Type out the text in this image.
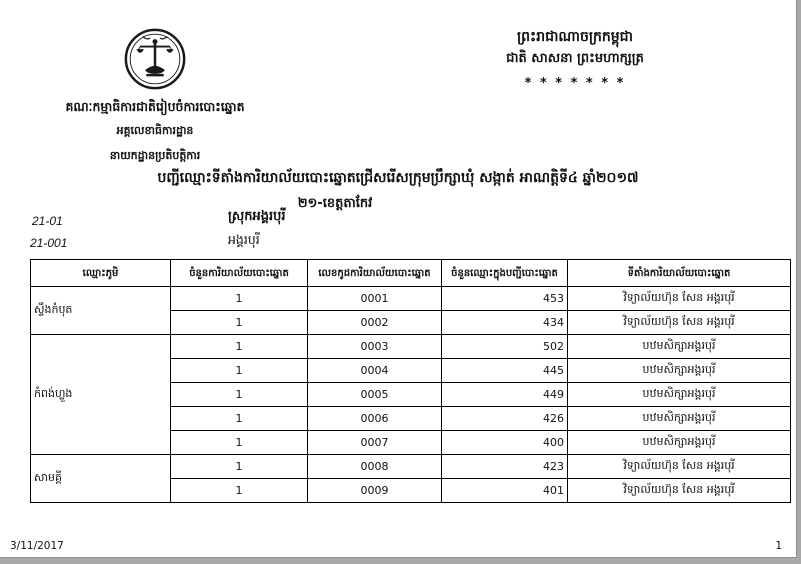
ព្រះរាជាណាចក្រកម្ពុជា
ជាតិ សាសនា ព្រះមហាក្សត្រ
* * * * * * *
គណៈកម្មាធិការជាតិរៀបចំការបោះឆ្នោត
អគ្គលេខាធិការដ្ឋាន
នាយកដ្ឋានប្រតិបត្តិការ
បញ្ជីឈ្មោះទីតាំងការិយាល័យបោះឆ្នោតជ្រើសរើសក្រុមប្រឹក្សាឃុំ សង្កាត់ អាណត្តិទី៤ ឆ្នាំ២០១៧
២១-ខេត្តតាកែវ
21-01	ស្រុកអង្គរបុរី
21-001	អង្គរបុរី
ឈ្មោះភូមិ	ចំនួនការិយាល័យបោះឆ្នោត	លេខកូដការិយាល័យបោះឆ្នោត	ចំនួនឈ្មោះក្នុងបញ្ជីបោះឆ្នោត	ទីតាំងការិយាល័យបោះឆ្នោត
ស្ទឹងកំបុត	1	0001	453	វិទ្យាល័យហ៊ុន សែន អង្គរបុរី
	1	0002	434	វិទ្យាល័យហ៊ុន សែន អង្គរបុរី
កំពង់ហ្លួង	1	0003	502	បឋមសិក្សាអង្គរបុរី
	1	0004	445	បឋមសិក្សាអង្គរបុរី
	1	0005	449	បឋមសិក្សាអង្គរបុរី
	1	0006	426	បឋមសិក្សាអង្គរបុរី
	1	0007	400	បឋមសិក្សាអង្គរបុរី
សាមគ្គី	1	0008	423	វិទ្យាល័យហ៊ុន សែន អង្គរបុរី
	1	0009	401	វិទ្យាល័យហ៊ុន សែន អង្គរបុរី
3/11/2017	1
